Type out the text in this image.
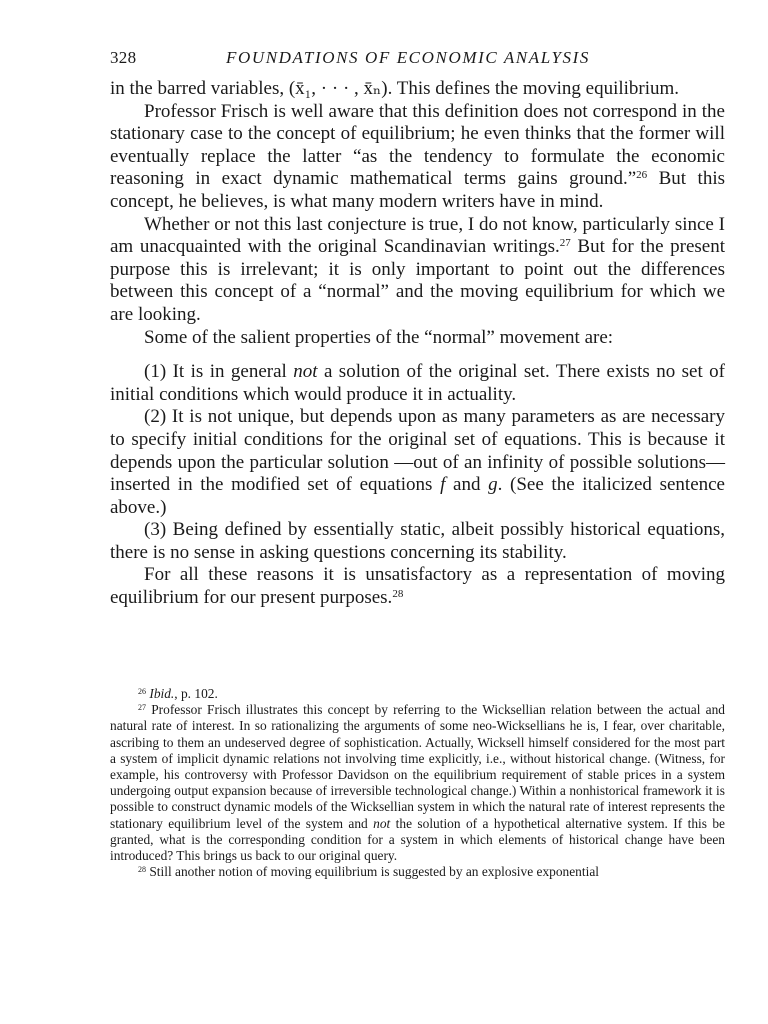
328	FOUNDATIONS OF ECONOMIC ANALYSIS

in the barred variables, (x̄₁, · · · , x̄ₙ). This defines the moving equilibrium.

Professor Frisch is well aware that this definition does not correspond in the stationary case to the concept of equilibrium; he even thinks that the former will eventually replace the latter “as the tendency to formulate the economic reasoning in exact dynamic mathematical terms gains ground.”$^{26}$ But this concept, he believes, is what many modern writers have in mind.

Whether or not this last conjecture is true, I do not know, particularly since I am unacquainted with the original Scandinavian writings.$^{27}$ But for the present purpose this is irrelevant; it is only important to point out the differences between this concept of a “normal” and the moving equilibrium for which we are looking.

Some of the salient properties of the “normal” movement are:

(1) It is in general not a solution of the original set. There exists no set of initial conditions which would produce it in actuality.

(2) It is not unique, but depends upon as many parameters as are necessary to specify initial conditions for the original set of equations. This is because it depends upon the particular solution —out of an infinity of possible solutions—inserted in the modified set of equations f and g. (See the italicized sentence above.)

(3) Being defined by essentially static, albeit possibly historical equations, there is no sense in asking questions concerning its stability.

For all these reasons it is unsatisfactory as a representation of moving equilibrium for our present purposes.$^{28}$

$^{26}$ Ibid., p. 102.

$^{27}$ Professor Frisch illustrates this concept by referring to the Wicksellian relation between the actual and natural rate of interest. In so rationalizing the arguments of some neo-Wicksellians he is, I fear, over charitable, ascribing to them an undeserved degree of sophistication. Actually, Wicksell himself considered for the most part a system of implicit dynamic relations not involving time explicitly, i.e., without historical change. (Witness, for example, his controversy with Professor Davidson on the equilibrium requirement of stable prices in a system undergoing output expansion because of irreversible technological change.) Within a nonhistorical framework it is possible to construct dynamic models of the Wicksellian system in which the natural rate of interest represents the stationary equilibrium level of the system and not the solution of a hypothetical alternative system. If this be granted, what is the corresponding condition for a system in which elements of historical change have been introduced? This brings us back to our original query.

$^{28}$ Still another notion of moving equilibrium is suggested by an explosive exponential
